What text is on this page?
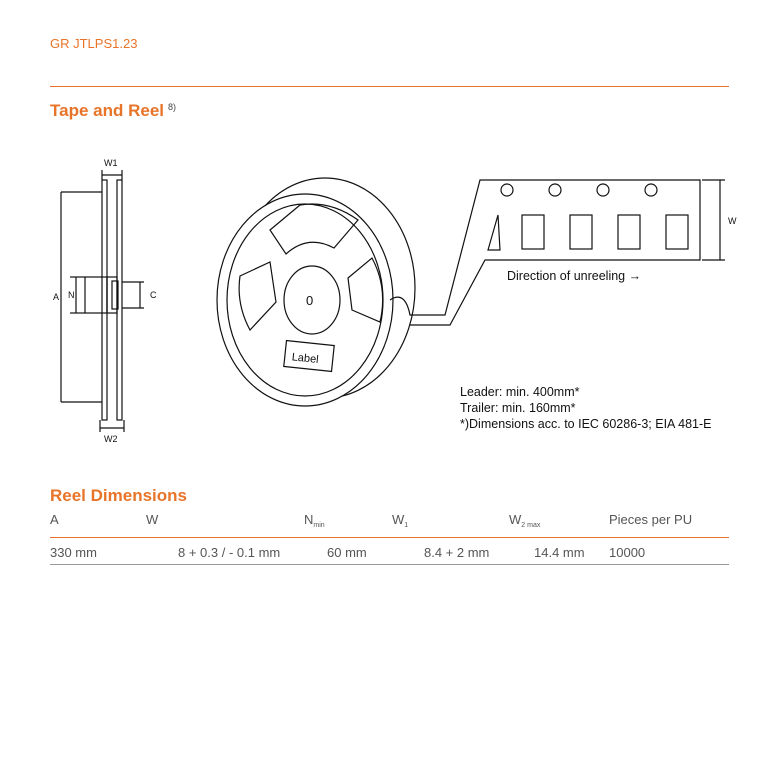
GR JTLPS1.23
Tape and Reel $^{8)}$
W1
A N	C
W2
W
Label
0
Direction of unreeling →
Leader: min. 400mm*
Trailer: min. 160mm*
*)Dimensions acc. to IEC 60286-3; EIA 481-E
Reel Dimensions
A	W	$N_{min}$	$W_1$	$W_{2 max}$	Pieces per PU
330 mm	8 + 0.3 / - 0.1 mm	60 mm	8.4 + 2 mm	14.4 mm 10000
